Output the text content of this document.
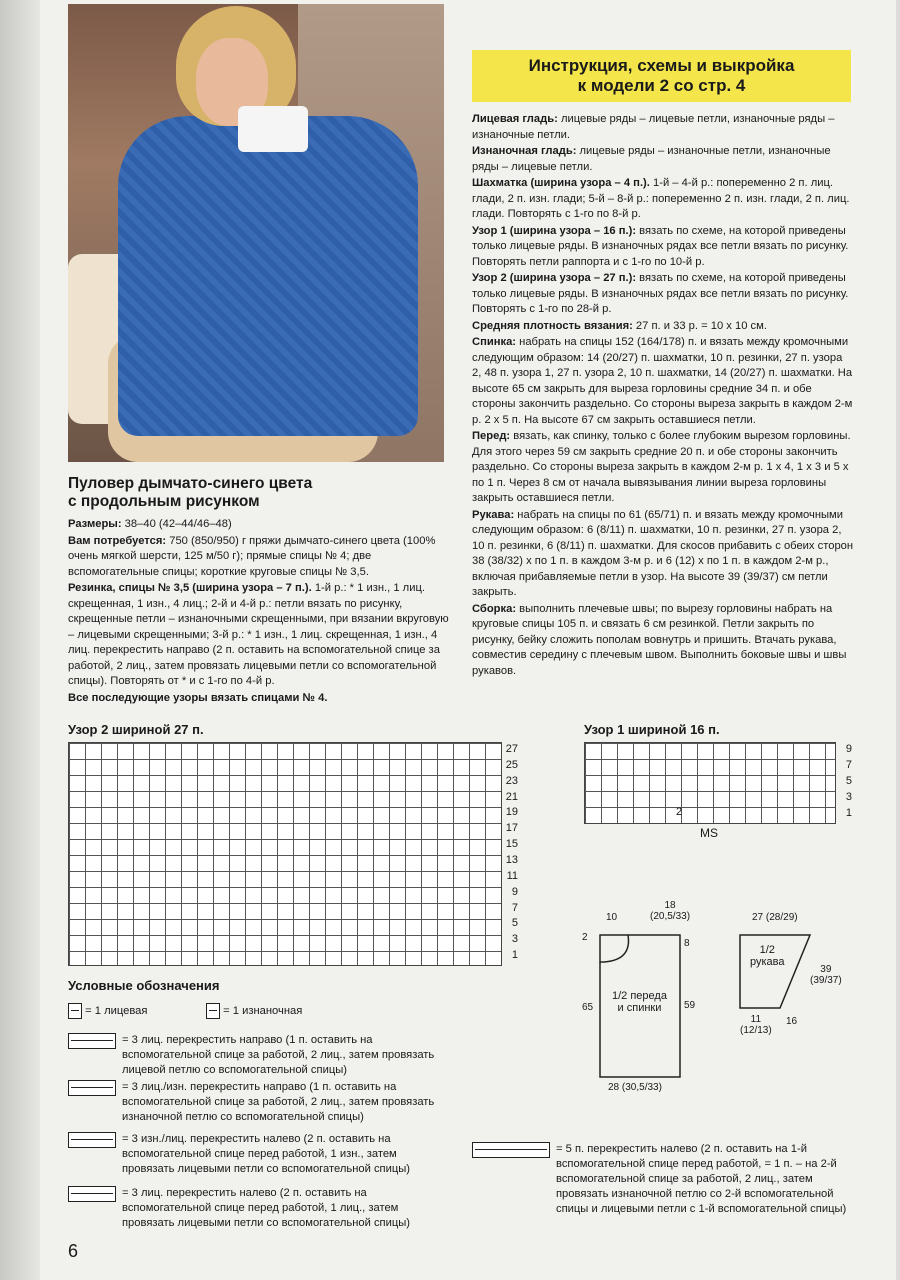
Инструкция, схемы и выкройка
к модели 2 со стр. 4

Лицевая гладь: лицевые ряды – лицевые петли, изнаночные ряды – изнаночные петли.

Изнаночная гладь: лицевые ряды – изнаночные петли, изнаночные ряды – лицевые петли.

Шахматка (ширина узора – 4 п.). 1-й – 4-й р.: попеременно 2 п. лиц. глади, 2 п. изн. глади; 5-й – 8-й р.: попеременно 2 п. изн. глади, 2 п. лиц. глади. Повторять с 1-го по 8-й р.

Узор 1 (ширина узора – 16 п.): вязать по схеме, на которой приведены только лицевые ряды. В изнаночных рядах все петли вязать по рисунку. Повторять петли раппорта и с 1-го по 10-й р.

Узор 2 (ширина узора – 27 п.): вязать по схеме, на которой приведены только лицевые ряды. В изнаночных рядах все петли вязать по рисунку. Повторять с 1-го по 28-й р.

Средняя плотность вязания: 27 п. и 33 р. = 10 х 10 см.

Спинка: набрать на спицы 152 (164/178) п. и вязать между кромочными следующим образом: 14 (20/27) п. шахматки, 10 п. резинки, 27 п. узора 2, 48 п. узора 1, 27 п. узора 2, 10 п. шахматки, 14 (20/27) п. шахматки. На высоте 65 см закрыть для выреза горловины средние 34 п. и обе стороны закончить раздельно. Со стороны выреза закрыть в каждом 2-м р. 2 х 5 п. На высоте 67 см закрыть оставшиеся петли.

Перед: вязать, как спинку, только с более глубоким вырезом горловины. Для этого через 59 см закрыть средние 20 п. и обе стороны закончить раздельно. Со стороны выреза закрыть в каждом 2-м р. 1 х 4, 1 х 3 и 5 х по 1 п. Через 8 см от начала вывязывания линии выреза горловины закрыть оставшиеся петли.

Рукава: набрать на спицы по 61 (65/71) п. и вязать между кромочными следующим образом: 6 (8/11) п. шахматки, 10 п. резинки, 27 п. узора 2, 10 п. резинки, 6 (8/11) п. шахматки. Для скосов прибавить с обеих сторон 38 (38/32) х по 1 п. в каждом 3-м р. и 6 (12) х по 1 п. в каждом 2-м р., включая прибавляемые петли в узор. На высоте 39 (39/37) см петли закрыть.

Сборка: выполнить плечевые швы; по вырезу горловины набрать на круговые спицы 105 п. и связать 6 см резинкой. Петли закрыть по рисунку, бейку сложить пополам вовнутрь и пришить. Втачать рукава, совместив середину с плечевым швом. Выполнить боковые швы и швы рукавов.

Пуловер дымчато-синего цвета
с продольным рисунком

Размеры: 38–40 (42–44/46–48)

Вам потребуется: 750 (850/950) г пряжи дымчато-синего цвета (100% очень мягкой шерсти, 125 м/50 г); прямые спицы № 4; две вспомогательные спицы; короткие круговые спицы № 3,5.

Резинка, спицы № 3,5 (ширина узора – 7 п.). 1-й р.: * 1 изн., 1 лиц. скрещенная, 1 изн., 4 лиц.; 2-й и 4-й р.: петли вязать по рисунку, скрещенные петли – изнаночными скрещенными, при вязании вкруговую – лицевыми скрещенными; 3-й р.: * 1 изн., 1 лиц. скрещенная, 1 изн., 4 лиц. перекрестить направо (2 п. оставить на вспомогательной спице за работой, 2 лиц., затем провязать лицевыми петли со вспомогательной спицы). Повторять от * и с 1-го по 4-й р.

Все последующие узоры вязать спицами № 4.

Узор 2 шириной 27 п.
27
25
23
21
19
17
15
13
11
9
7
5
3
1
Узор 1 шириной 16 п.
9
7
5
3
1
MS
2
18
(20,5/33)
10
2
8
1/2 переда
и спинки
65	59
28 (30,5/33)
27 (28/29)
1/2
рукава
39
(39/37)
11
(12/13)
16
Условные обозначения
= 1 лицевая	= 1 изнаночная
= 3 лиц. перекрестить направо (1 п. оставить на вспомогательной спице за работой, 2 лиц., затем провязать лицевой петлю со вспомогательной спицы)
= 3 лиц./изн. перекрестить направо (1 п. оставить на вспомогательной спице за работой, 2 лиц., затем провязать изнаночной петлю со вспомогательной спицы)
= 3 изн./лиц. перекрестить налево (2 п. оставить на вспомогательной спице перед работой, 1 изн., затем провязать лицевыми петли со вспомогательной спицы)
= 3 лиц. перекрестить налево (2 п. оставить на вспомогательной спице перед работой, 1 лиц., затем провязать лицевыми петли со вспомогательной спицы)
= 5 п. перекрестить налево (2 п. оставить на 1-й вспомогательной спице перед работой, = 1 п. – на 2-й вспомогательной спице за работой, 2 лиц., затем провязать изнаночной петлю со 2-й вспомогательной спицы и лицевыми петли с 1-й вспомогательной спицы)
6
